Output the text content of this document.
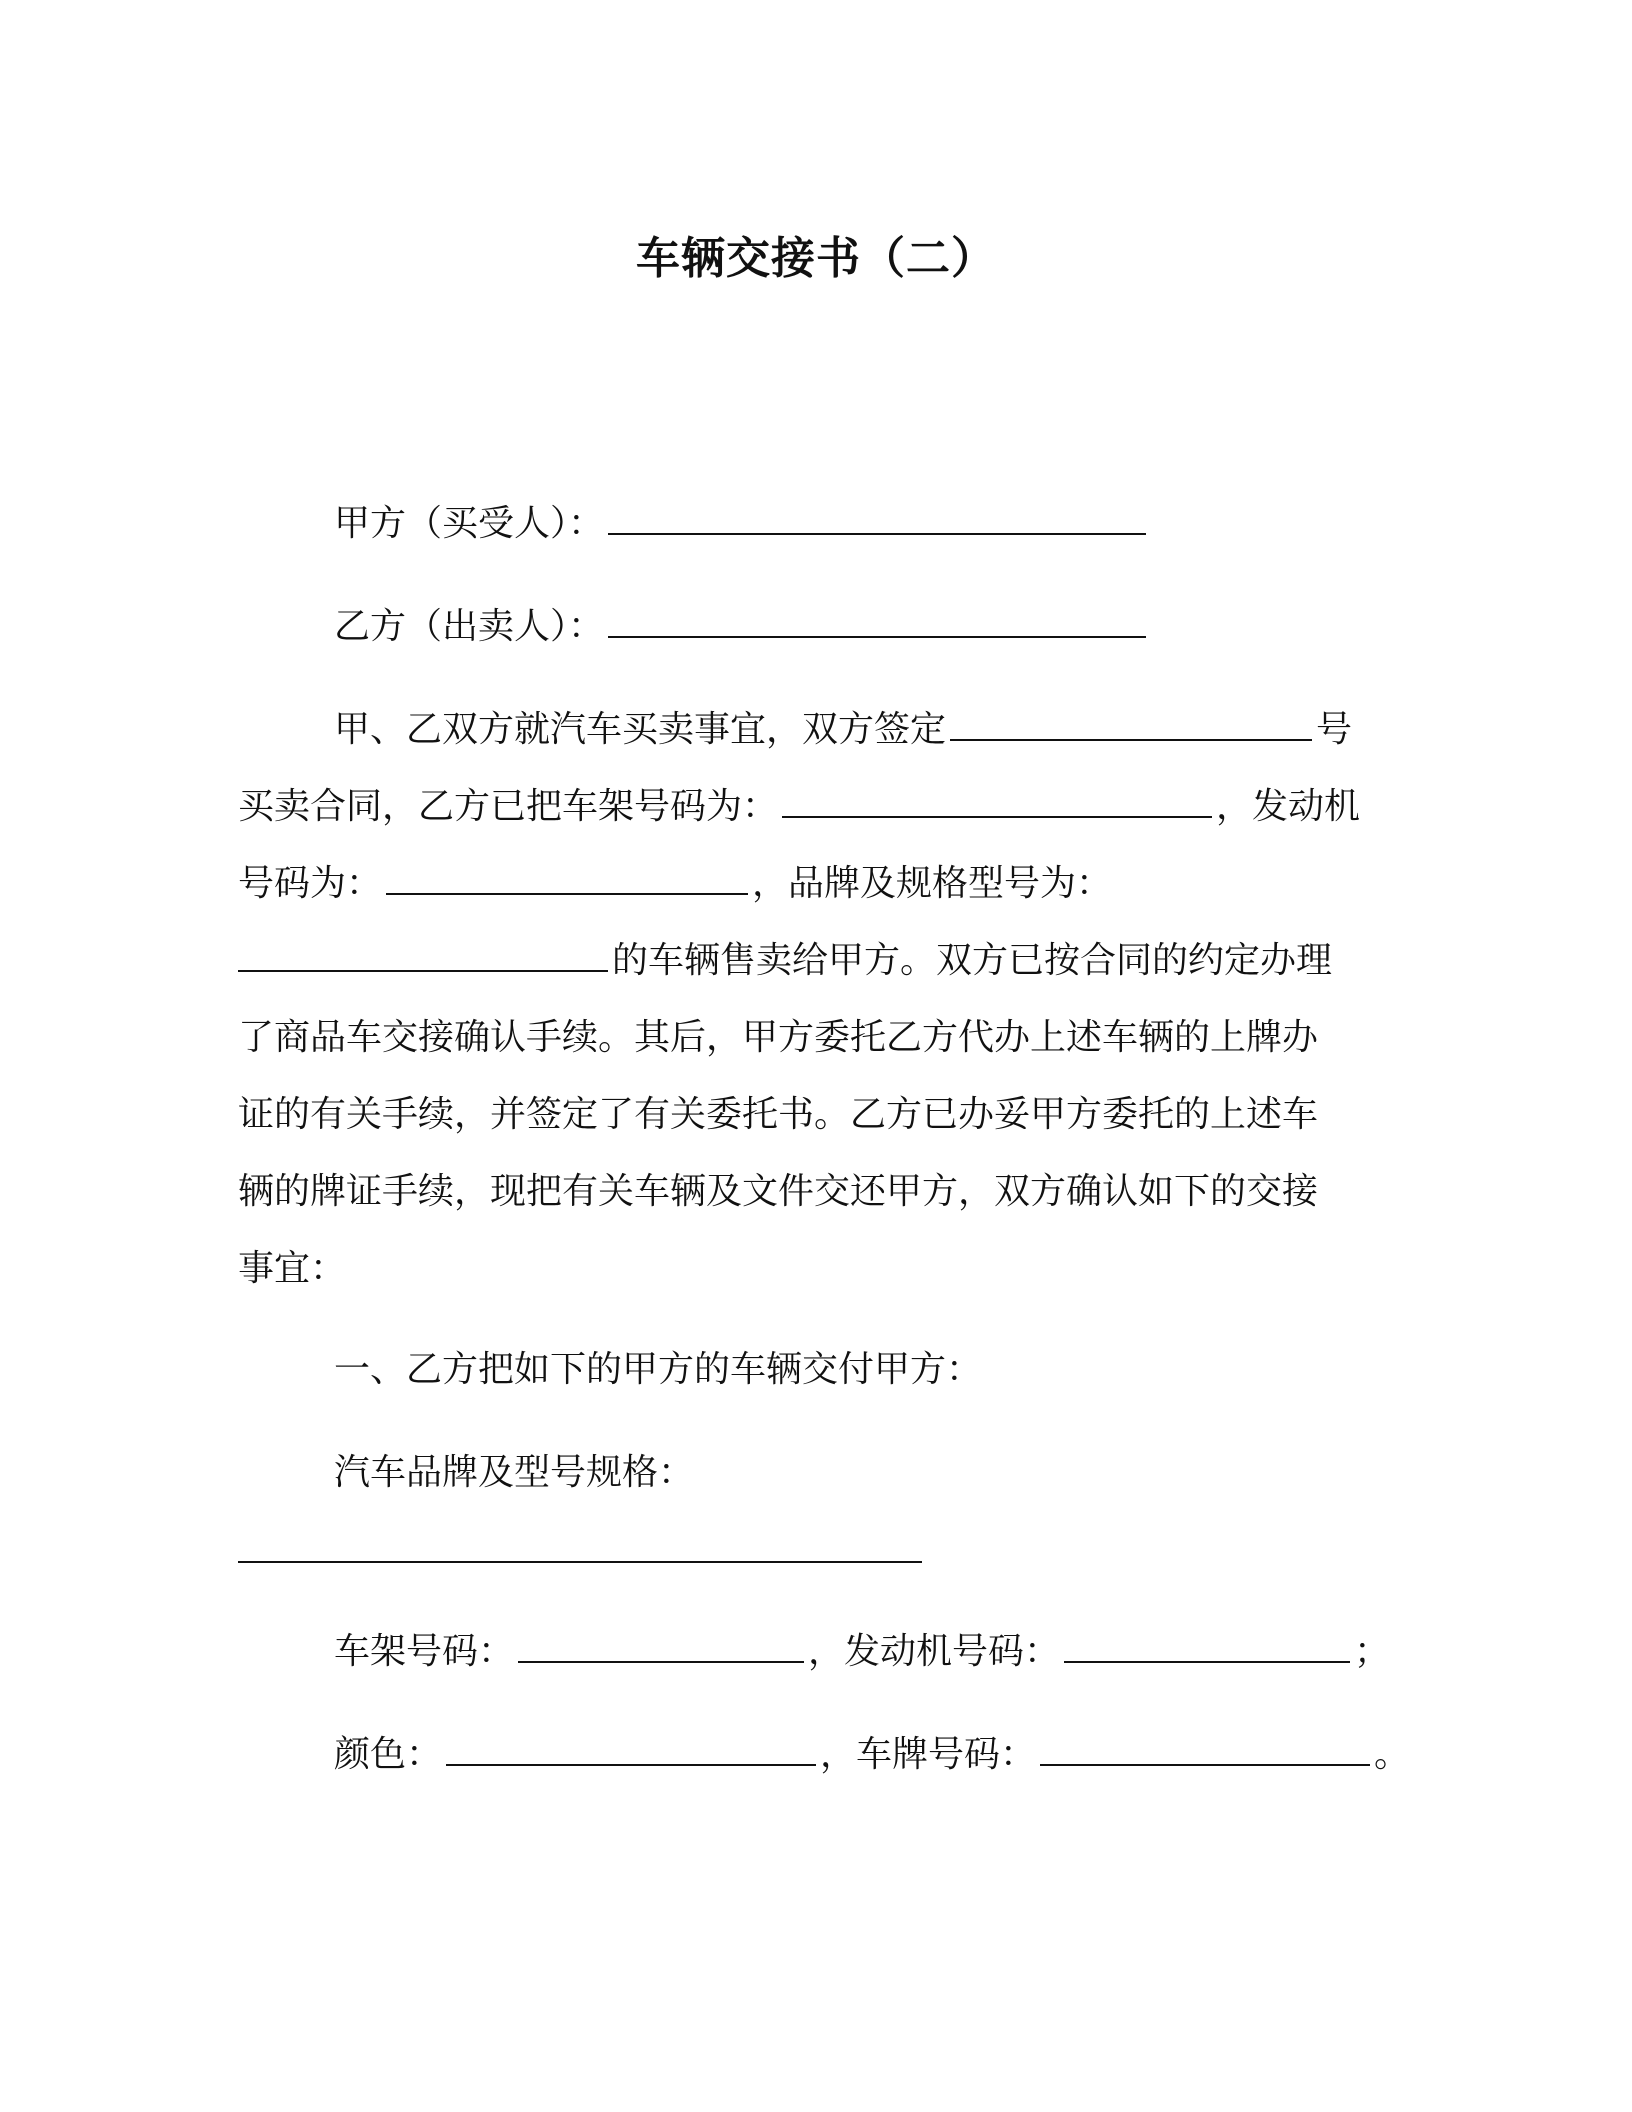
车辆交接书（二）
甲方（买受人）：
乙方（出卖人）：
甲、乙双方就汽车买卖事宜，双方签定	号
买卖合同，乙方已把车架号码为：	，发动机
号码为：	，品牌及规格型号为：
的车辆售卖给甲方。双方已按合同的约定办理
了商品车交接确认手续。其后，甲方委托乙方代办上述车辆的上牌办
证的有关手续，并签定了有关委托书。乙方已办妥甲方委托的上述车
辆的牌证手续，现把有关车辆及文件交还甲方，双方确认如下的交接
事宜：
一、乙方把如下的甲方的车辆交付甲方：
汽车品牌及型号规格：
车架号码：	，发动机号码：	；
颜色：	，车牌号码：	。
